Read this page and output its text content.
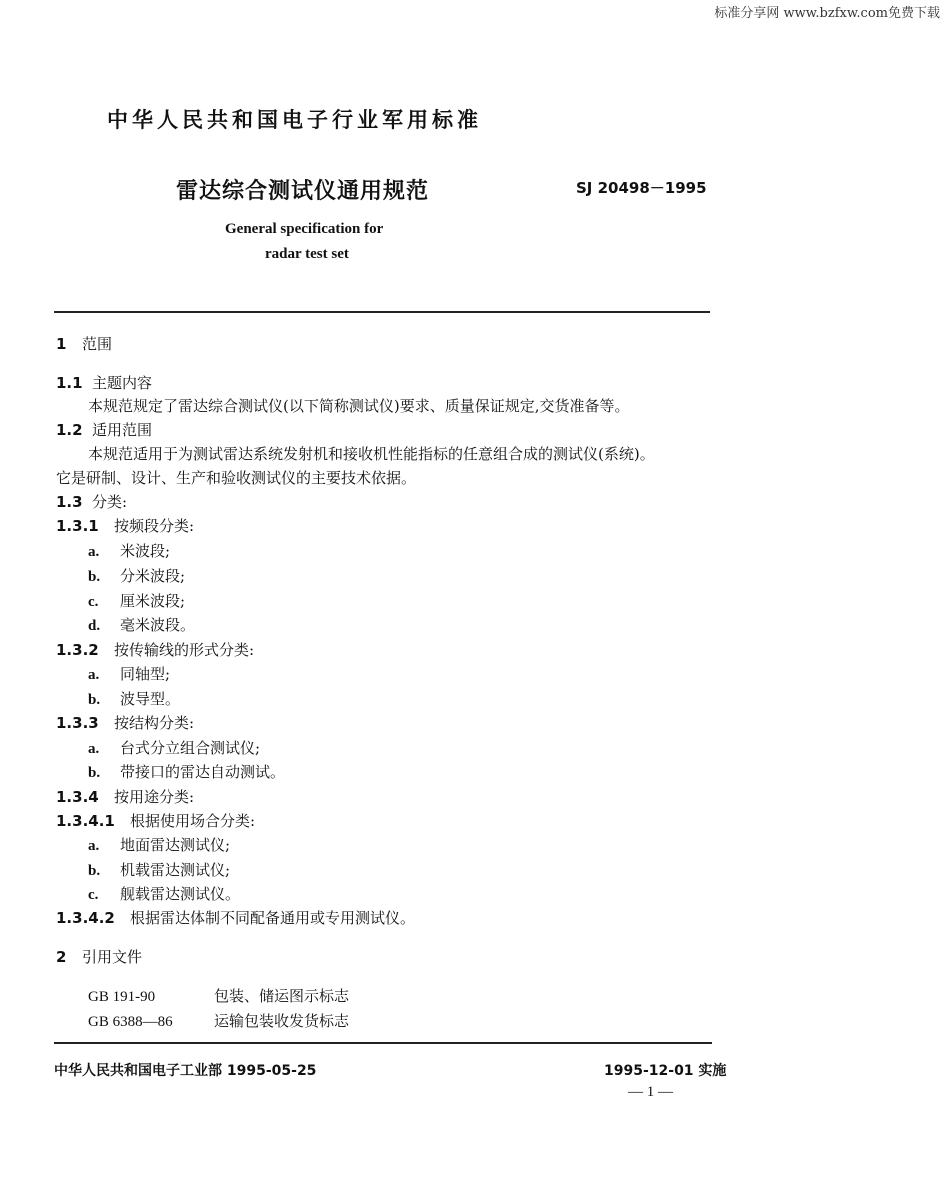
标准分享网 www.bzfxw.com免费下载
中华人民共和国电子行业军用标准
雷达综合测试仪通用规范	SJ 20498－1995
General specification for
radar test set
1 范围
1.1 主题内容
本规范规定了雷达综合测试仪(以下简称测试仪)要求、质量保证规定,交货准备等。
1.2 适用范围
本规范适用于为测试雷达系统发射机和接收机性能指标的任意组合成的测试仪(系统)。
它是研制、设计、生产和验收测试仪的主要技术依据。
1.3 分类:
1.3.1 按频段分类:
a. 米波段;
b. 分米波段;
c. 厘米波段;
d. 毫米波段。
1.3.2 按传输线的形式分类:
a. 同轴型;
b. 波导型。
1.3.3 按结构分类:
a. 台式分立组合测试仪;
b. 带接口的雷达自动测试。
1.3.4 按用途分类:
1.3.4.1 根据使用场合分类:
a. 地面雷达测试仪;
b. 机载雷达测试仪;
c. 舰载雷达测试仪。
1.3.4.2 根据雷达体制不同配备通用或专用测试仪。
2 引用文件
GB 191-90	包装、储运图示标志
GB 6388—86	运输包装收发货标志
中华人民共和国电子工业部 1995-05-25	1995-12-01 实施
— 1 —
